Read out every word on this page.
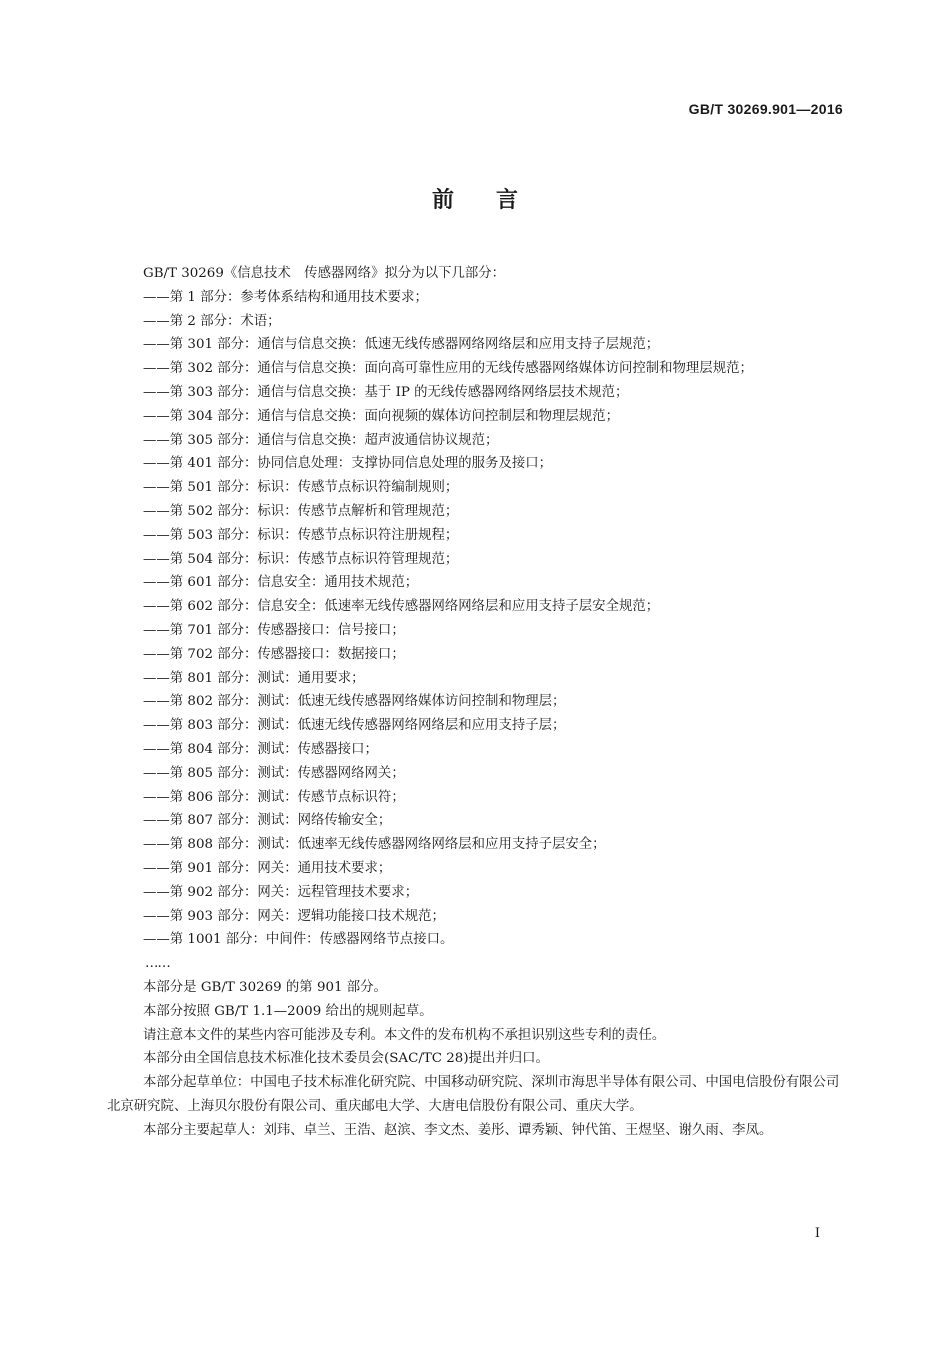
GB/T 30269.901—2016
前言
GB/T 30269《信息技术　传感器网络》拟分为以下几部分：
——第 1 部分：参考体系结构和通用技术要求；
——第 2 部分：术语；
——第 301 部分：通信与信息交换：低速无线传感器网络网络层和应用支持子层规范；
——第 302 部分：通信与信息交换：面向高可靠性应用的无线传感器网络媒体访问控制和物理层规范；
——第 303 部分：通信与信息交换：基于 IP 的无线传感器网络网络层技术规范；
——第 304 部分：通信与信息交换：面向视频的媒体访问控制层和物理层规范；
——第 305 部分：通信与信息交换：超声波通信协议规范；
——第 401 部分：协同信息处理：支撑协同信息处理的服务及接口；
——第 501 部分：标识：传感节点标识符编制规则；
——第 502 部分：标识：传感节点解析和管理规范；
——第 503 部分：标识：传感节点标识符注册规程；
——第 504 部分：标识：传感节点标识符管理规范；
——第 601 部分：信息安全：通用技术规范；
——第 602 部分：信息安全：低速率无线传感器网络网络层和应用支持子层安全规范；
——第 701 部分：传感器接口：信号接口；
——第 702 部分：传感器接口：数据接口；
——第 801 部分：测试：通用要求；
——第 802 部分：测试：低速无线传感器网络媒体访问控制和物理层；
——第 803 部分：测试：低速无线传感器网络网络层和应用支持子层；
——第 804 部分：测试：传感器接口；
——第 805 部分：测试：传感器网络网关；
——第 806 部分：测试：传感节点标识符；
——第 807 部分：测试：网络传输安全；
——第 808 部分：测试：低速率无线传感器网络网络层和应用支持子层安全；
——第 901 部分：网关：通用技术要求；
——第 902 部分：网关：远程管理技术要求；
——第 903 部分：网关：逻辑功能接口技术规范；
——第 1001 部分：中间件：传感器网络节点接口。
……

本部分是 GB/T 30269 的第 901 部分。

本部分按照 GB/T 1.1—2009 给出的规则起草。

请注意本文件的某些内容可能涉及专利。本文件的发布机构不承担识别这些专利的责任。

本部分由全国信息技术标准化技术委员会(SAC/TC 28)提出并归口。

本部分起草单位：中国电子技术标准化研究院、中国移动研究院、深圳市海思半导体有限公司、中国电信股份有限公司北京研究院、上海贝尔股份有限公司、重庆邮电大学、大唐电信股份有限公司、重庆大学。

本部分主要起草人：刘玮、卓兰、王浩、赵滨、李文杰、姜彤、谭秀颖、钟代笛、王煜坚、谢久雨、李凤。

I
